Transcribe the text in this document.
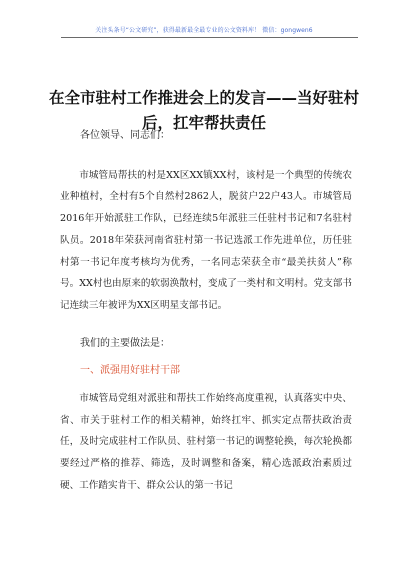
关注头条号“公文研究”，获得最新最全最专业的公文资料库！ 微信：gongwen6
在全市驻村工作推进会上的发言——当好驻村后，扛牢帮扶责任

各位领导、同志们：

市城管局帮扶的村是XX区XX镇XX村，该村是一个典型的传统农业种植村，全村有5个自然村2862人，脱贫户22户43人。市城管局2016年开始派驻工作队，已经连续5年派驻三任驻村书记和7名驻村队员。2018年荣获河南省驻村第一书记选派工作先进单位，历任驻村第一书记年度考核均为优秀，一名同志荣获全市“最美扶贫人”称号。XX村也由原来的软弱涣散村，变成了一类村和文明村。党支部书记连续三年被评为XX区明星支部书记。

我们的主要做法是：

一、派强用好驻村干部

市城管局党组对派驻和帮扶工作始终高度重视，认真落实中央、省、市关于驻村工作的相关精神，始终扛牢、抓实定点帮扶政治责任，及时完成驻村工作队员、驻村第一书记的调整轮换，每次轮换都要经过严格的推荐、筛选，及时调整和备案，精心选派政治素质过硬、工作踏实肯干、群众公认的第一书记
